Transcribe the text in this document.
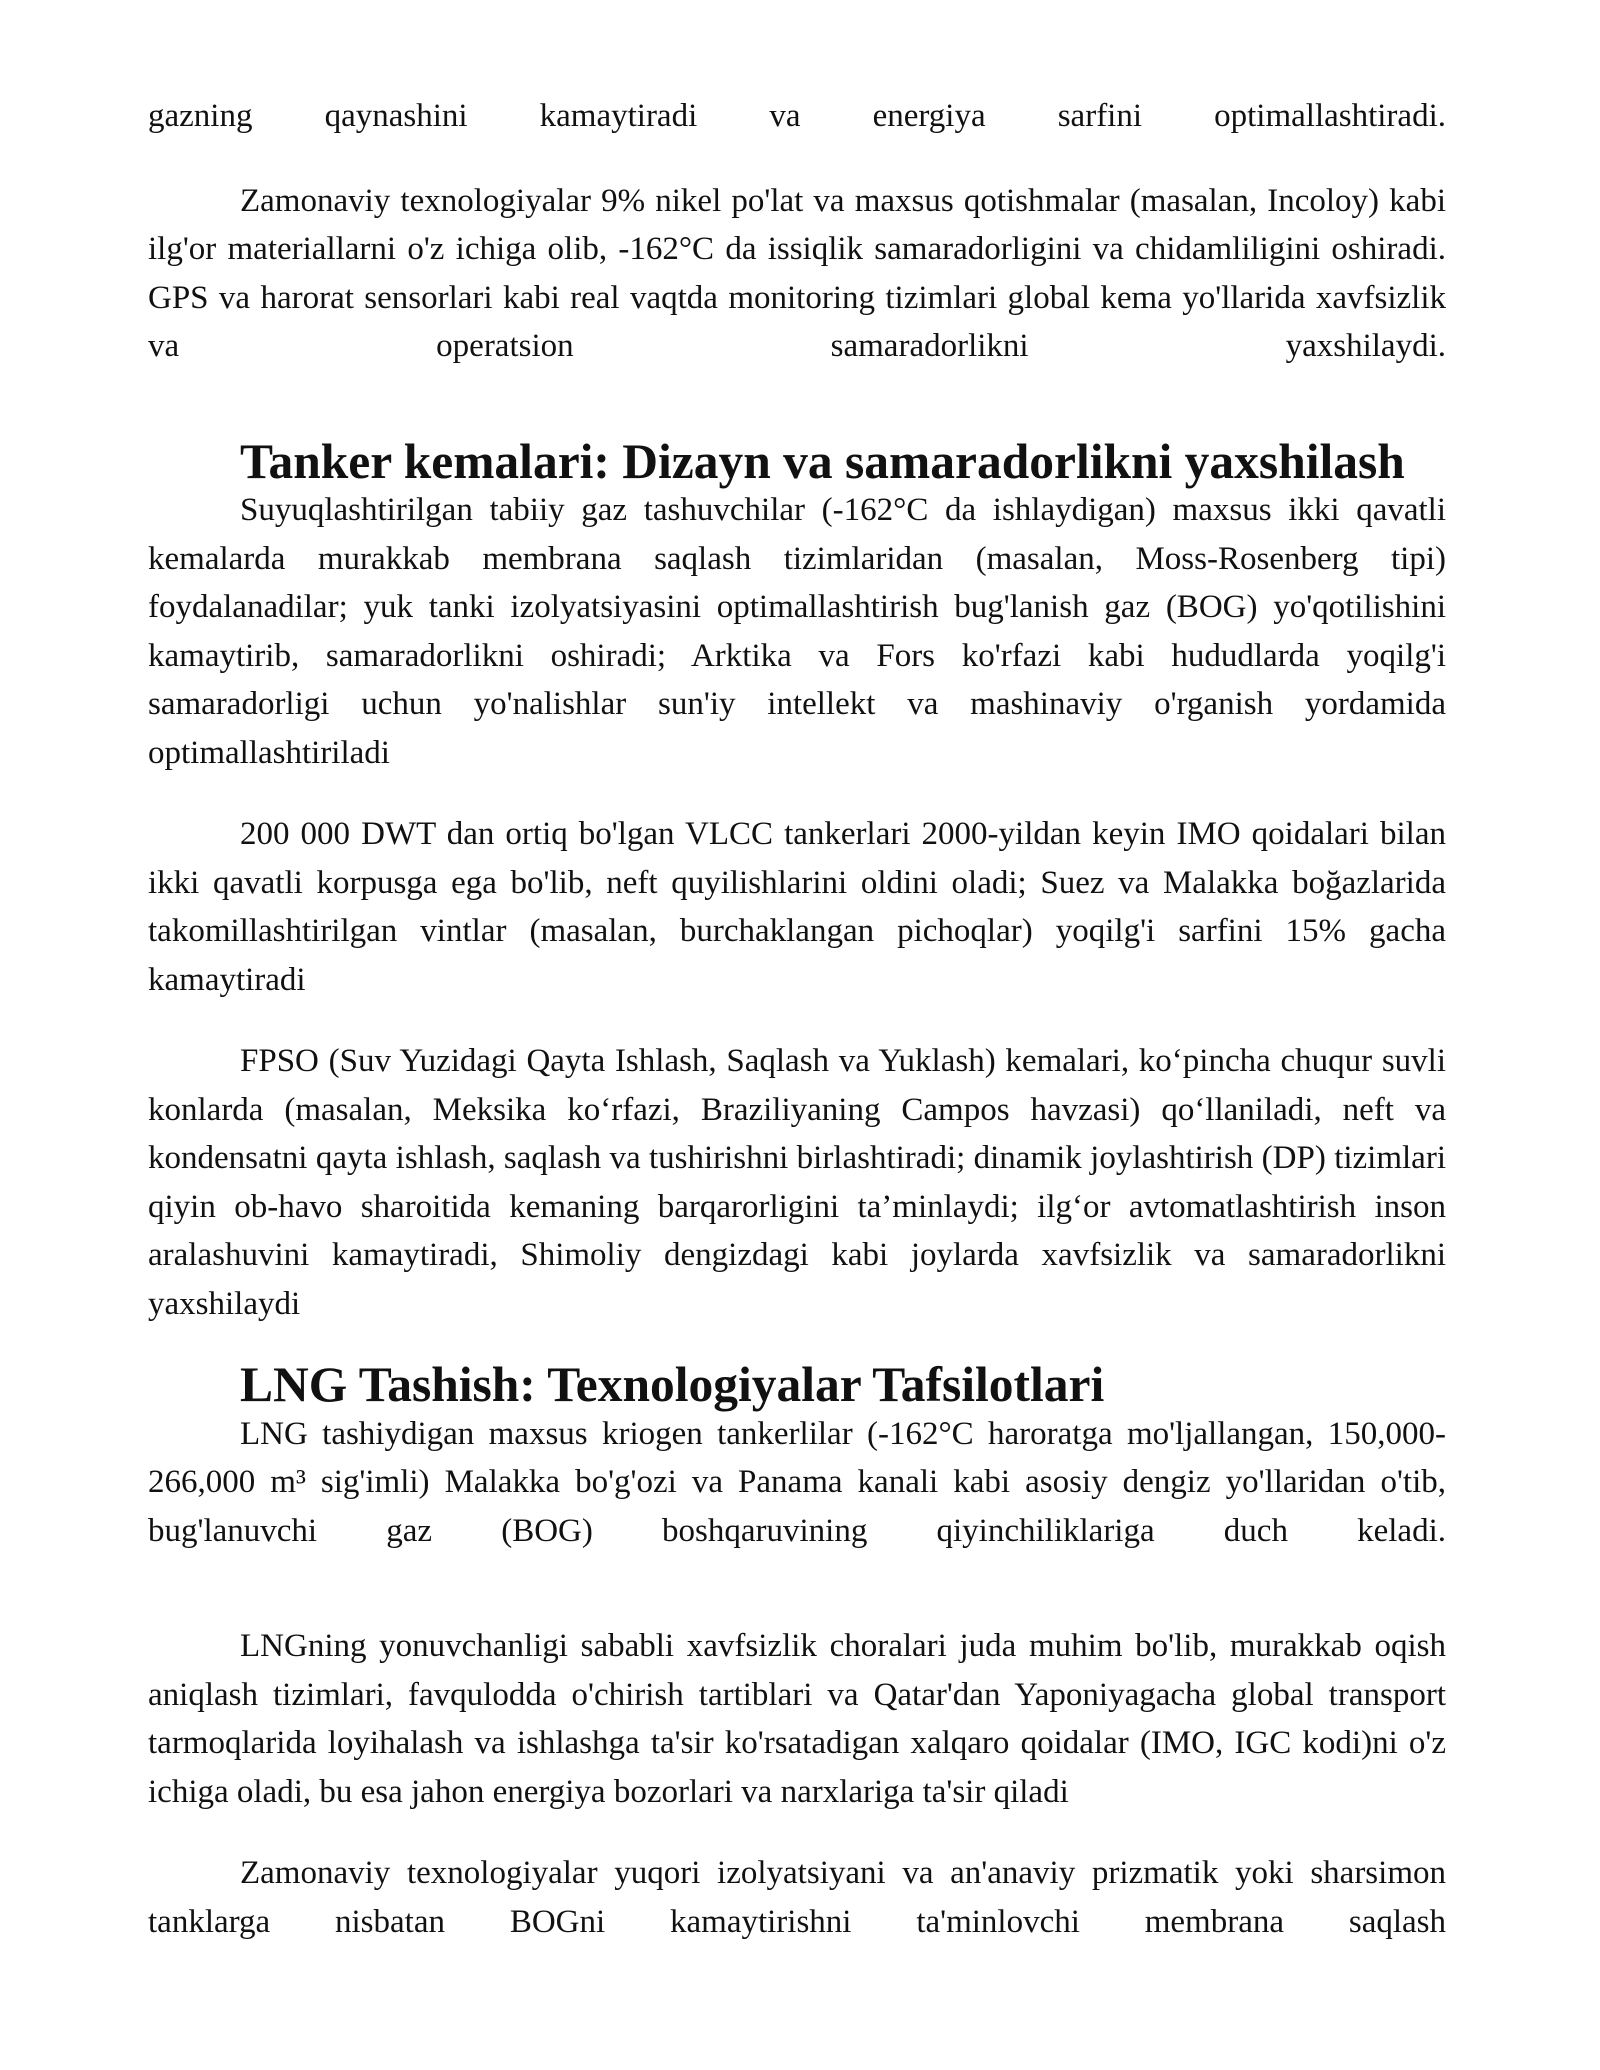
gazning qaynashini kamaytiradi va energiya sarfini optimallashtiradi.

Zamonaviy texnologiyalar 9% nikel po'lat va maxsus qotishmalar (masalan, Incoloy) kabi ilg'or materiallarni o'z ichiga olib, -162°C da issiqlik samaradorligini va chidamliligini oshiradi. GPS va harorat sensorlari kabi real vaqtda monitoring tizimlari global kema yo'llarida xavfsizlik va operatsion samaradorlikni yaxshilaydi.

Tanker kemalari: Dizayn va samaradorlikni yaxshilash

Suyuqlashtirilgan tabiiy gaz tashuvchilar (-162°C da ishlaydigan) maxsus ikki qavatli kemalarda murakkab membrana saqlash tizimlaridan (masalan, Moss-Rosenberg tipi) foydalanadilar; yuk tanki izolyatsiyasini optimallashtirish bug'lanish gaz (BOG) yo'qotilishini kamaytirib, samaradorlikni oshiradi; Arktika va Fors ko'rfazi kabi hududlarda yoqilg'i samaradorligi uchun yo'nalishlar sun'iy intellekt va mashinaviy o'rganish yordamida optimallashtiriladi

200 000 DWT dan ortiq bo'lgan VLCC tankerlari 2000-yildan keyin IMO qoidalari bilan ikki qavatli korpusga ega bo'lib, neft quyilishlarini oldini oladi; Suez va Malakka boğazlarida takomillashtirilgan vintlar (masalan, burchaklangan pichoqlar) yoqilg'i sarfini 15% gacha kamaytiradi

FPSO (Suv Yuzidagi Qayta Ishlash, Saqlash va Yuklash) kemalari, ko‘pincha chuqur suvli konlarda (masalan, Meksika ko‘rfazi, Braziliyaning Campos havzasi) qo‘llaniladi, neft va kondensatni qayta ishlash, saqlash va tushirishni birlashtiradi; dinamik joylashtirish (DP) tizimlari qiyin ob-havo sharoitida kemaning barqarorligini ta’minlaydi; ilg‘or avtomatlashtirish inson aralashuvini kamaytiradi, Shimoliy dengizdagi kabi joylarda xavfsizlik va samaradorlikni yaxshilaydi

LNG Tashish: Texnologiyalar Tafsilotlari

LNG tashiydigan maxsus kriogen tankerlilar (-162°C haroratga mo'ljallangan, 150,000-266,000 m³ sig'imli) Malakka bo'g'ozi va Panama kanali kabi asosiy dengiz yo'llaridan o'tib, bug'lanuvchi gaz (BOG) boshqaruvining qiyinchiliklariga duch keladi.

LNGning yonuvchanligi sababli xavfsizlik choralari juda muhim bo'lib, murakkab oqish aniqlash tizimlari, favqulodda o'chirish tartiblari va Qatar'dan Yaponiyagacha global transport tarmoqlarida loyihalash va ishlashga ta'sir ko'rsatadigan xalqaro qoidalar (IMO, IGC kodi)ni o'z ichiga oladi, bu esa jahon energiya bozorlari va narxlariga ta'sir qiladi

Zamonaviy texnologiyalar yuqori izolyatsiyani va an'anaviy prizmatik yoki sharsimon tanklarga nisbatan BOGni kamaytirishni ta'minlovchi membrana saqlash
